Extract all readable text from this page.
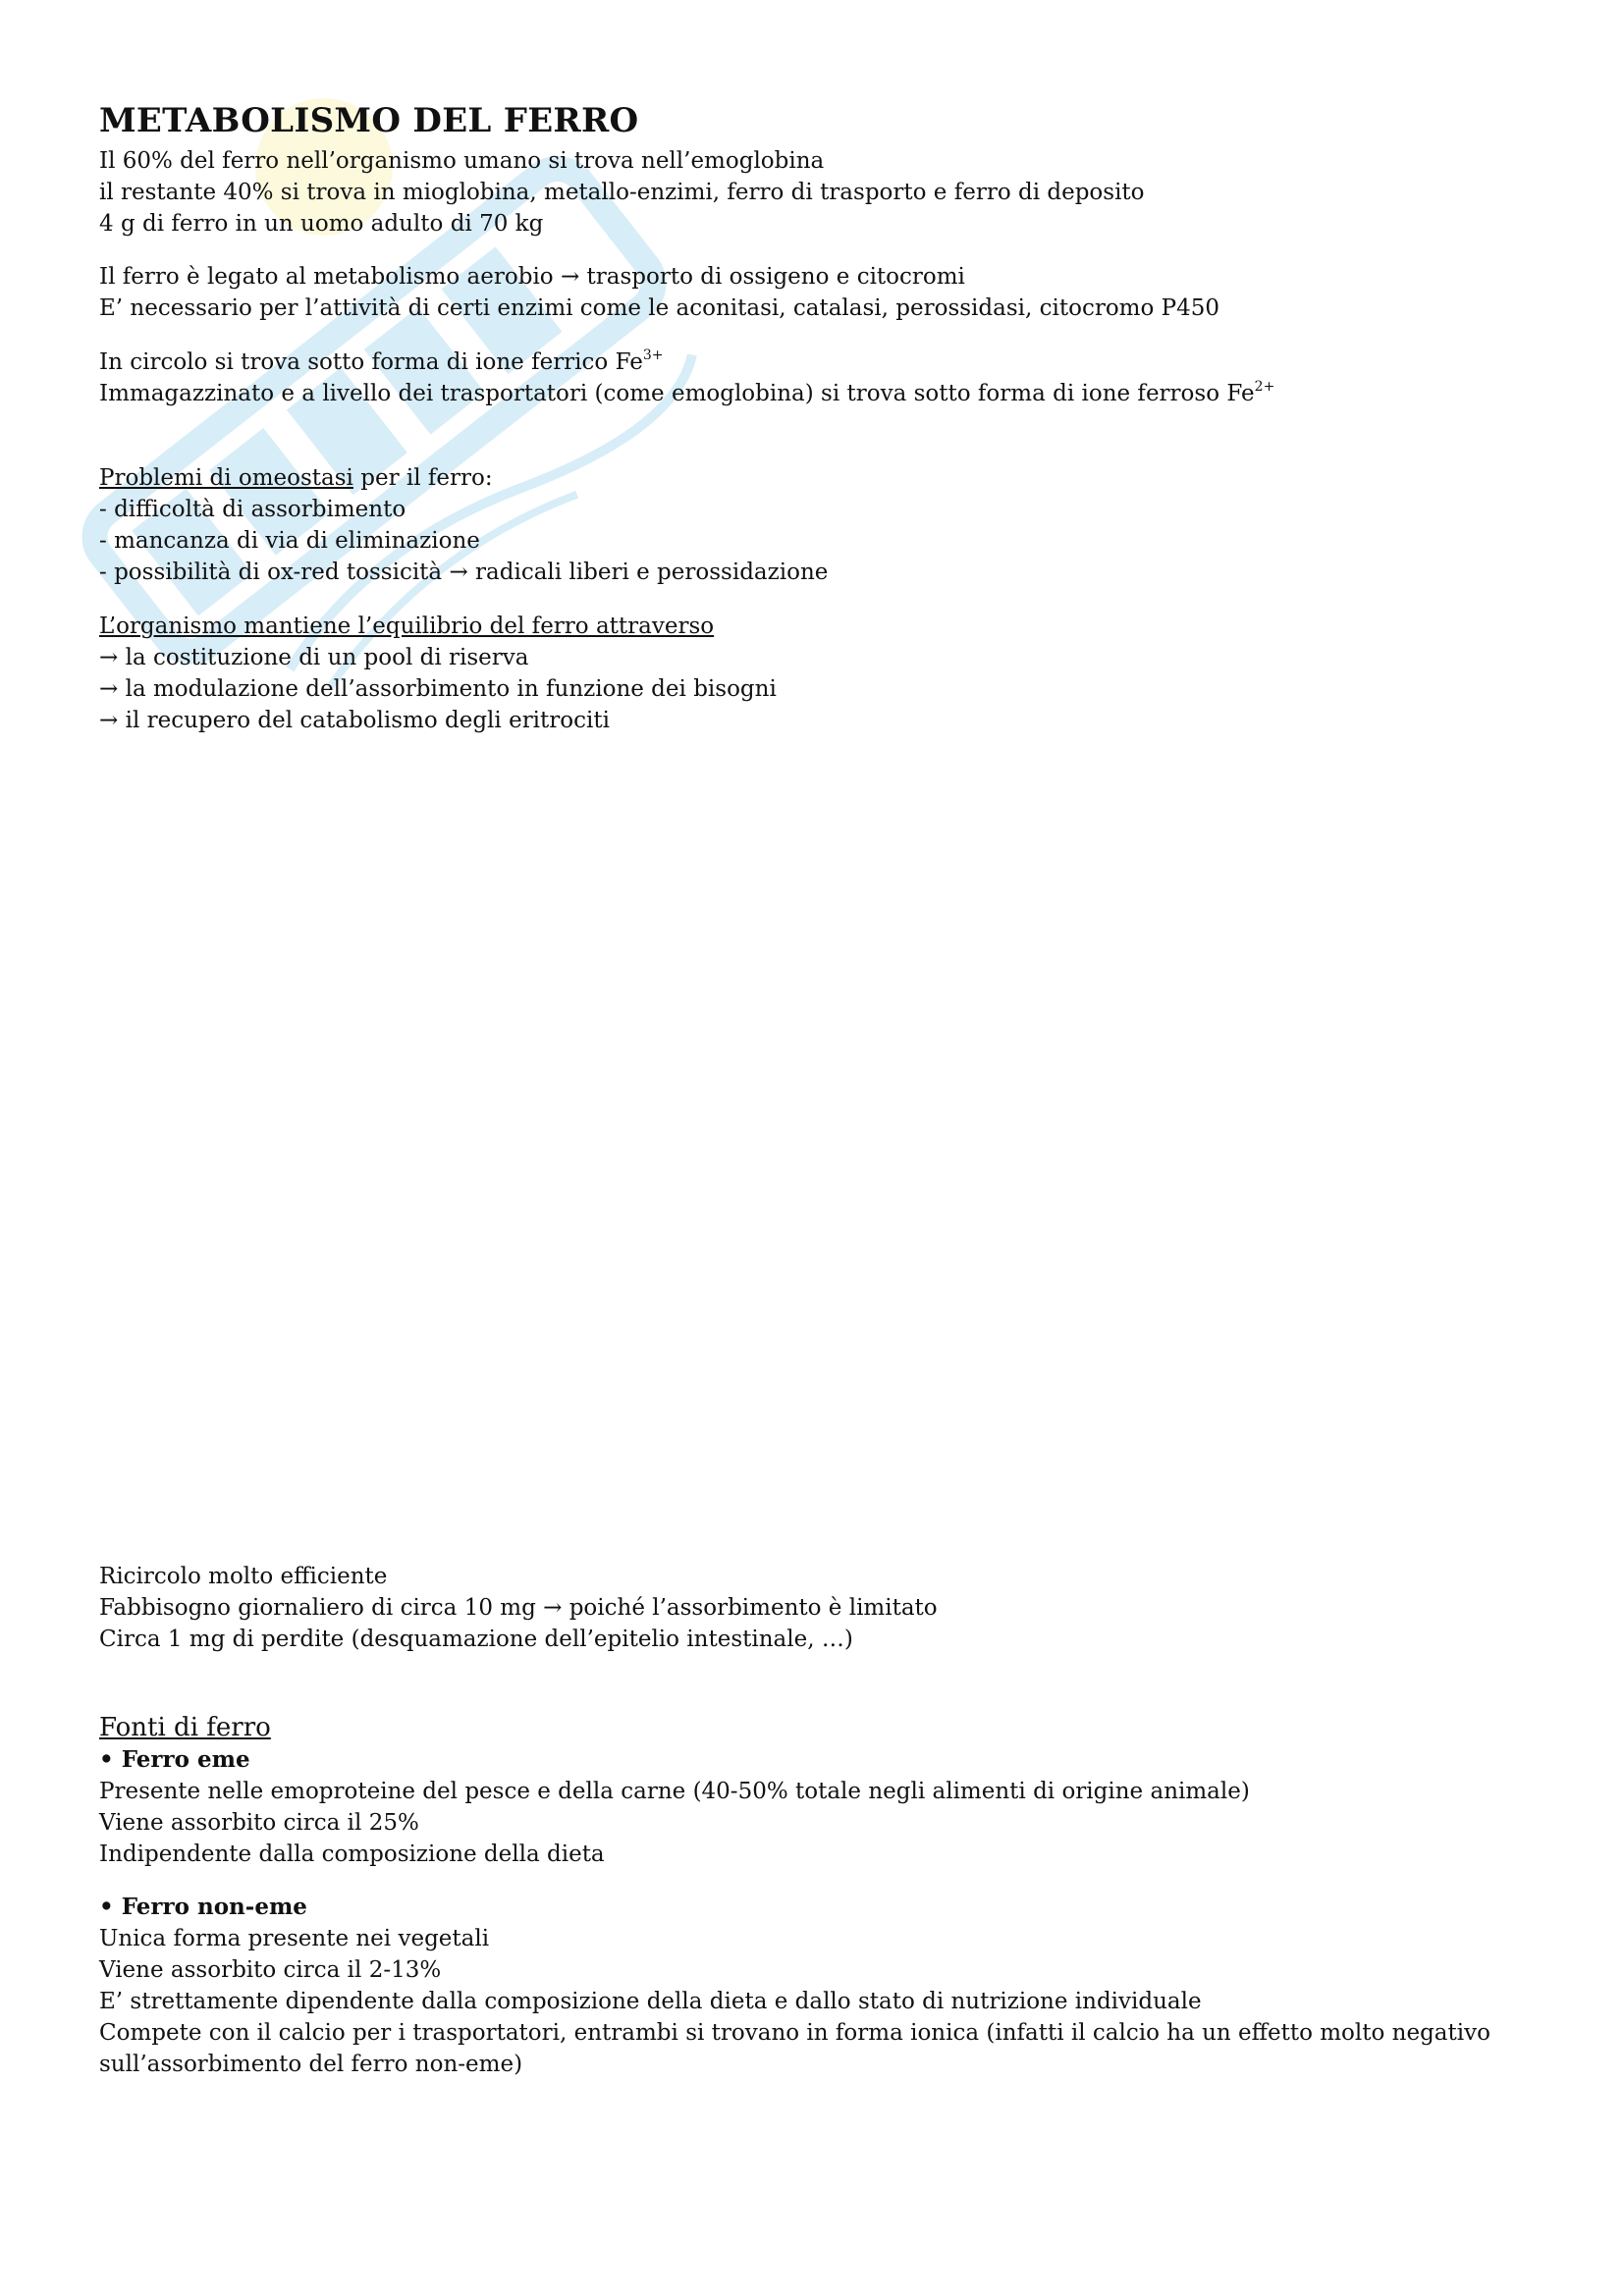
METABOLISMO DEL FERRO
Il 60% del ferro nell’organismo umano si trova nell’emoglobina
il restante 40% si trova in mioglobina, metallo-enzimi, ferro di trasporto e ferro di deposito
4 g di ferro in un uomo adulto di 70 kg
Il ferro è legato al metabolismo aerobio → trasporto di ossigeno e citocromi
E’ necessario per l’attività di certi enzimi come le aconitasi, catalasi, perossidasi, citocromo P450
In circolo si trova sotto forma di ione ferrico $Fe^{3+}$
Immagazzinato e a livello dei trasportatori (come emoglobina) si trova sotto forma di ione ferroso $Fe^{2+}$
Problemi di omeostasi per il ferro:
- difficoltà di assorbimento
- mancanza di via di eliminazione
- possibilità di ox-red tossicità → radicali liberi e perossidazione
L’organismo mantiene l’equilibrio del ferro attraverso
→ la costituzione di un pool di riserva
→ la modulazione dell’assorbimento in funzione dei bisogni
→ il recupero del catabolismo degli eritrociti
Ricircolo molto efficiente
Fabbisogno giornaliero di circa 10 mg → poiché l’assorbimento è limitato
Circa 1 mg di perdite (desquamazione dell’epitelio intestinale, …)
Fonti di ferro
• Ferro eme
Presente nelle emoproteine del pesce e della carne (40-50% totale negli alimenti di origine animale)
Viene assorbito circa il 25%
Indipendente dalla composizione della dieta
• Ferro non-eme
Unica forma presente nei vegetali
Viene assorbito circa il 2-13%
E’ strettamente dipendente dalla composizione della dieta e dallo stato di nutrizione individuale
Compete con il calcio per i trasportatori, entrambi si trovano in forma ionica (infatti il calcio ha un effetto molto negativo
sull’assorbimento del ferro non-eme)
